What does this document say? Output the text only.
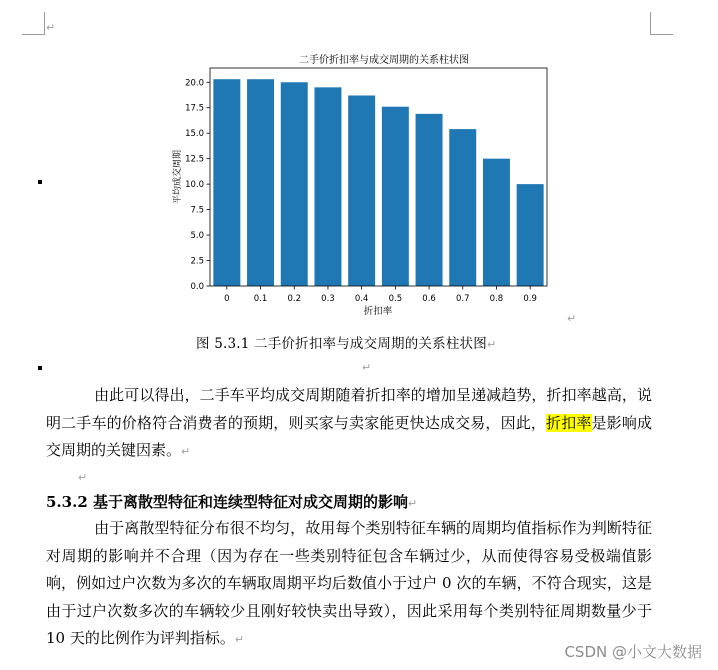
↵
二手价折扣率与成交周期的关系柱状图
0.0
2.5
5.0
7.5
10.0
12.5
15.0
17.5
20.0
0	0.1 0.2 0.3 0.4 0.5 0.6 0.7 0.8 0.9
折扣率
平均成交周期
↵
图 5.3.1 二手价折扣率与成交周期的关系柱状图↵
↵
由此可以得出，二手车平均成交周期随着折扣率的增加呈递减趋势，折扣率越高，说明二手车的价格符合消费者的预期，则买家与卖家能更快达成交易，因此，折扣率是影响成交周期的关键因素。↵
↵
5.3.2 基于离散型特征和连续型特征对成交周期的影响↵
由于离散型特征分布很不均匀，故用每个类别特征车辆的周期均值指标作为判断特征对周期的影响并不合理（因为存在一些类别特征包含车辆过少，从而使得容易受极端值影响，例如过户次数为多次的车辆取周期平均后数值小于过户 0 次的车辆，不符合现实，这是由于过户次数多次的车辆较少且刚好较快卖出导致），因此采用每个类别特征周期数量少于 10 天的比例作为评判指标。↵
CSDN @小文大数据
